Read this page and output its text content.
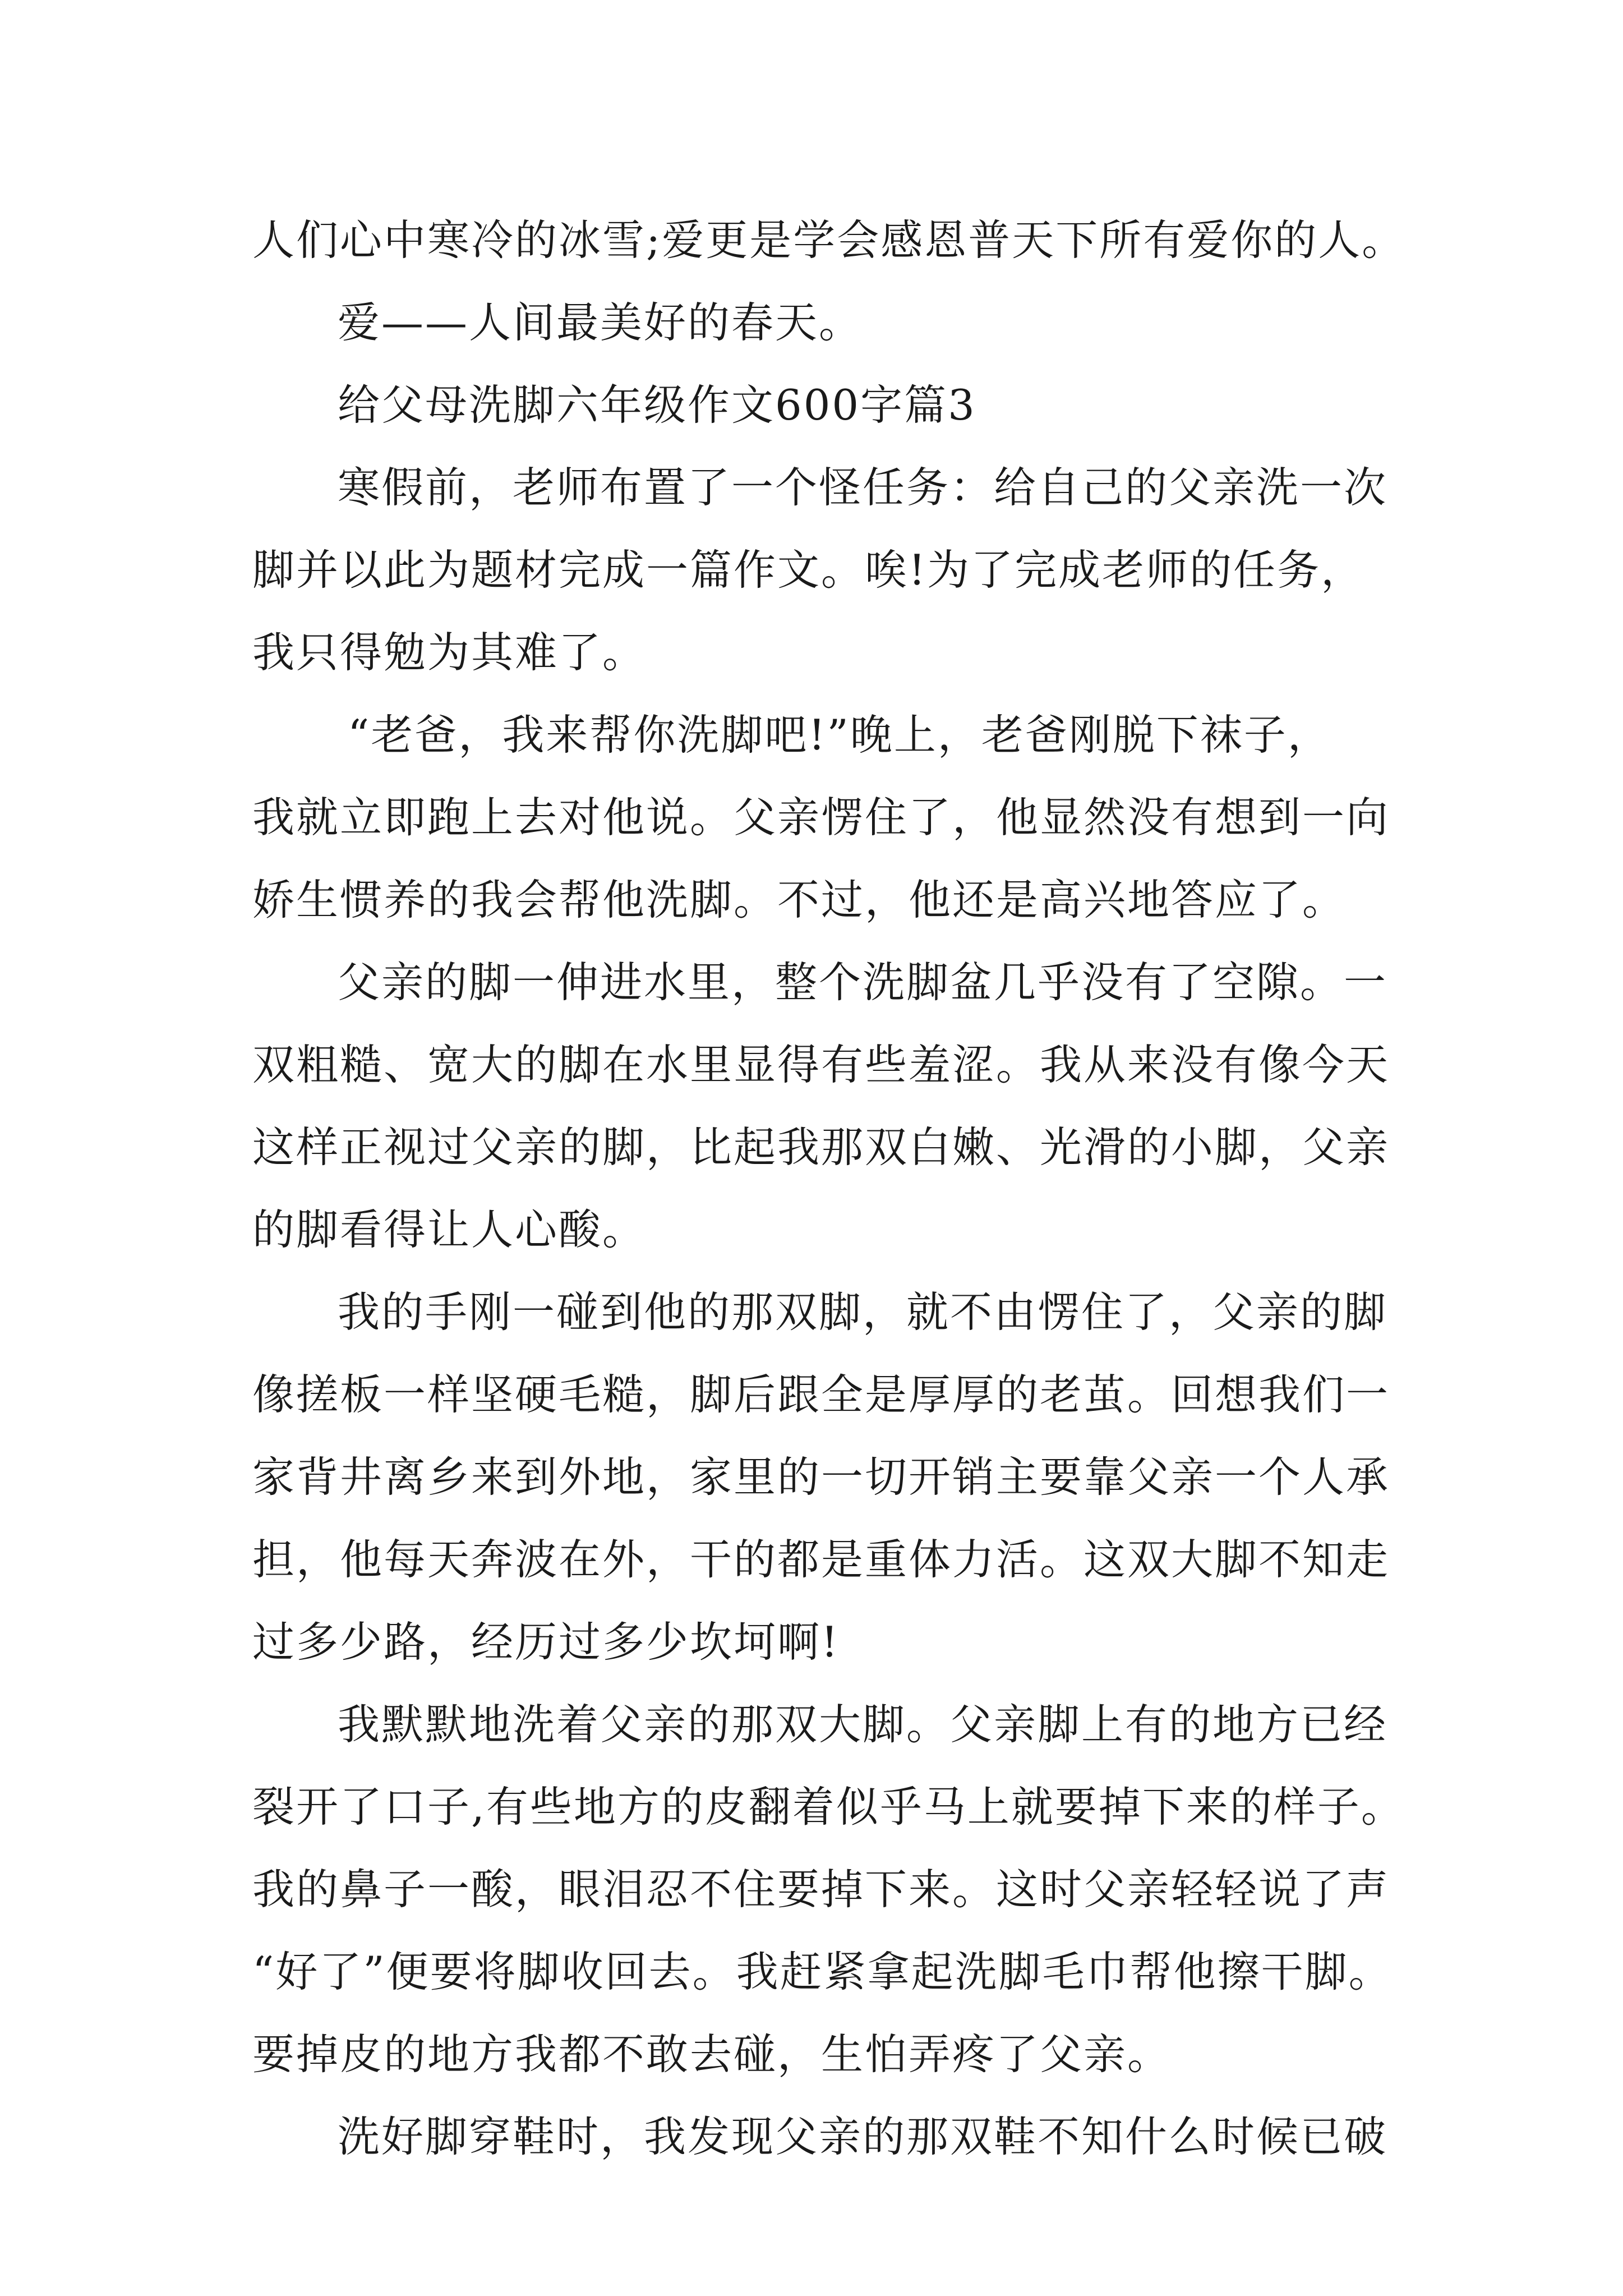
人们心中寒冷的冰雪;爱更是学会感恩普天下所有爱你的人。
爱——人间最美好的春天。
给父母洗脚六年级作文600字篇3
寒假前，老师布置了一个怪任务：给自己的父亲洗一次
脚并以此为题材完成一篇作文。唉!为了完成老师的任务，
我只得勉为其难了。
“老爸，我来帮你洗脚吧!”晚上，老爸刚脱下袜子，
我就立即跑上去对他说。父亲愣住了，他显然没有想到一向
娇生惯养的我会帮他洗脚。不过，他还是高兴地答应了。
父亲的脚一伸进水里，整个洗脚盆几乎没有了空隙。一
双粗糙、宽大的脚在水里显得有些羞涩。我从来没有像今天
这样正视过父亲的脚，比起我那双白嫩、光滑的小脚，父亲
的脚看得让人心酸。
我的手刚一碰到他的那双脚，就不由愣住了，父亲的脚
像搓板一样坚硬毛糙，脚后跟全是厚厚的老茧。回想我们一
家背井离乡来到外地，家里的一切开销主要靠父亲一个人承
担，他每天奔波在外，干的都是重体力活。这双大脚不知走
过多少路，经历过多少坎坷啊!
我默默地洗着父亲的那双大脚。父亲脚上有的地方已经
裂开了口子,有些地方的皮翻着似乎马上就要掉下来的样子。
我的鼻子一酸，眼泪忍不住要掉下来。这时父亲轻轻说了声
“好了”便要将脚收回去。我赶紧拿起洗脚毛巾帮他擦干脚。
要掉皮的地方我都不敢去碰，生怕弄疼了父亲。
洗好脚穿鞋时，我发现父亲的那双鞋不知什么时候已破
